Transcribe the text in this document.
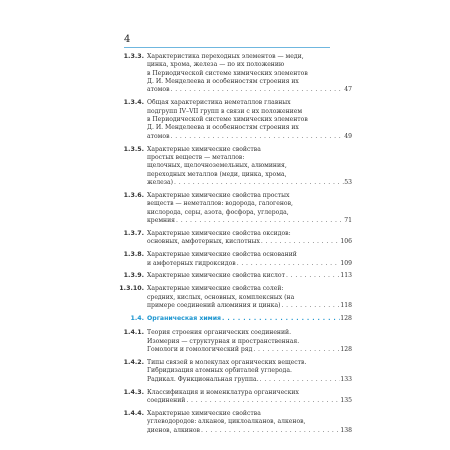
4
1.3.3. Характеристика переходных элементов — меди,
цинка, хрома, железа — по их положению
в Периодической системе химических элементов
Д. И. Менделеева и особенностям строения их
атомов . . .	47
1.3.4. Общая характеристика неметаллов главных
подгрупп IV–VII групп в связи с их положением
в Периодической системе химических элементов
Д. И. Менделеева и особенностям строения их
атомов . . .	49
1.3.5. Характерные химические свойства
простых веществ — металлов:
щелочных, щелочноземельных, алюминия,
переходных металлов (меди, цинка, хрома,
железа) . . .	53
1.3.6. Характерные химические свойства простых
веществ — неметаллов: водорода, галогенов,
кислорода, серы, азота, фосфора, углерода,
кремния . . .	71
1.3.7. Характерные химические свойства оксидов:
основных, амфотерных, кислотных . . .	106
1.3.8. Характерные химические свойства оснований
и амфотерных гидроксидов . . .	109
1.3.9. Характерные химические свойства кислот . . .	113
1.3.10. Характерные химические свойства солей:
средних, кислых, основных, комплексных (на
примере соединений алюминия и цинка) . . .	118
1.4. Органическая химия . . .	128
1.4.1. Теория строения органических соединений.
Изомерия — структурная и пространственная.
Гомологи и гомологический ряд . . .	128
1.4.2. Типы связей в молекулах органических веществ.
Гибридизация атомных орбиталей углерода.
Радикал. Функциональная группа. . . .	133
1.4.3. Классификация и номенклатура органических
соединений . . .	135
1.4.4. Характерные химические свойства
углеводородов: алканов, циклоалканов, алкенов,
диенов, алкинов . . .	138
